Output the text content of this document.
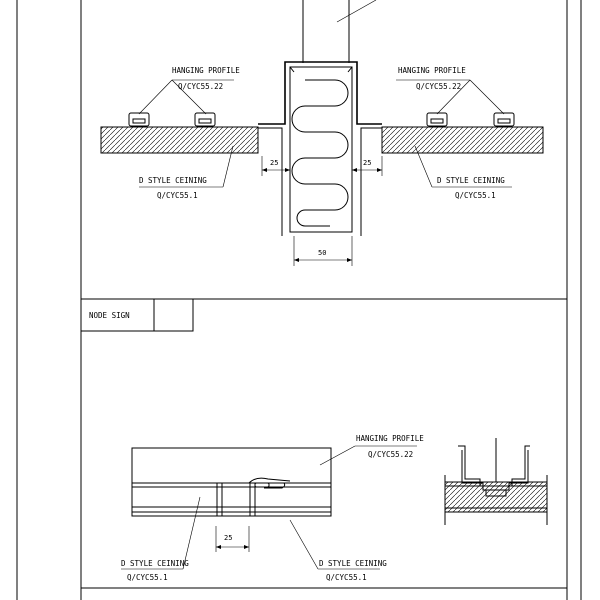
NODE SIGN
25	25
50
HANGING PROFILE
Q/CYC55.22
HANGING PROFILE
Q/CYC55.22
D STYLE CEINING
Q/CYC55.1
D STYLE CEINING
Q/CYC55.1
25
HANGING PROFILE
Q/CYC55.22
D STYLE CEINING
Q/CYC55.1
D STYLE CEINING
Q/CYC55.1
